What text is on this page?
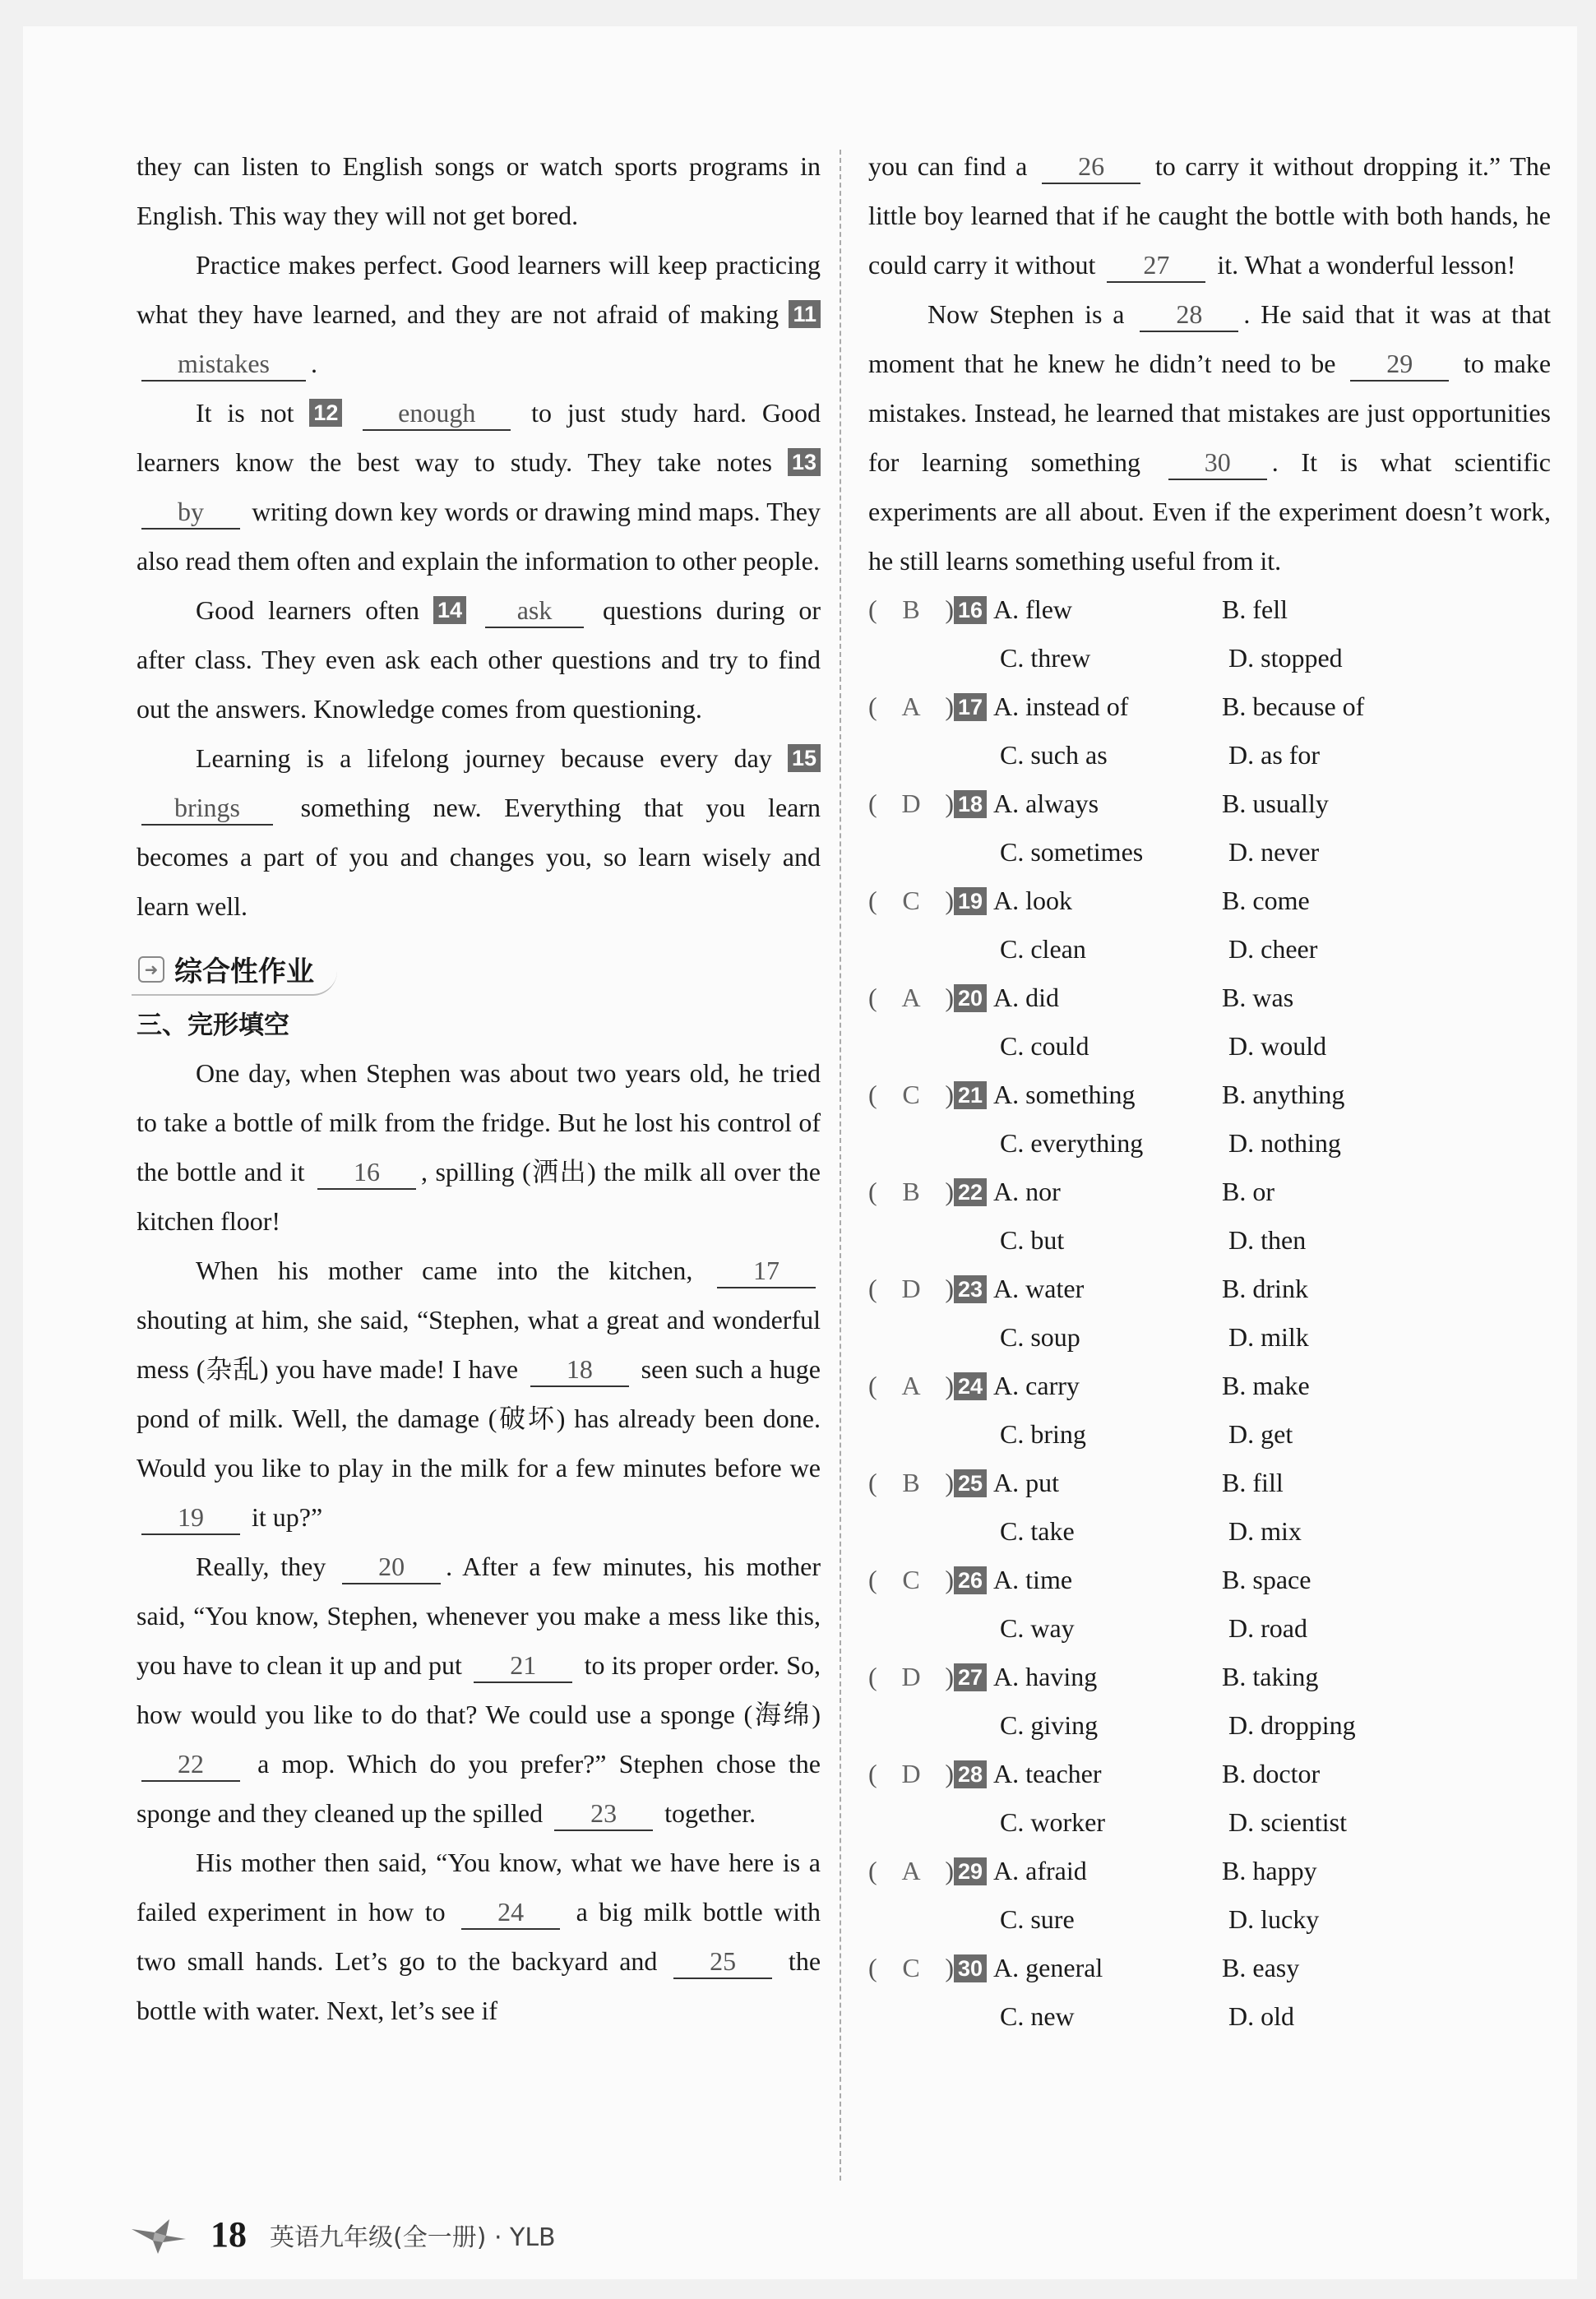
they can listen to English songs or watch sports programs in English. This way they will not get bored.

Practice makes perfect. Good learners will keep practicing what they have learned, and they are not afraid of making 11 mistakes .

It is not 12 enough to just study hard. Good learners know the best way to study. They take notes 13 by writing down key words or drawing mind maps. They also read them often and explain the information to other people.

Good learners often 14 ask questions during or after class. They even ask each other questions and try to find out the answers. Knowledge comes from questioning.

Learning is a lifelong journey because every day 15 brings something new. Everything that you learn becomes a part of you and changes you, so learn wisely and learn well.

➜ 综合性作业
三、完形填空

One day, when Stephen was about two years old, he tried to take a bottle of milk from the fridge. But he lost his control of the bottle and it 16 , spilling (洒出) the milk all over the kitchen floor!

When his mother came into the kitchen, 17 shouting at him, she said, “Stephen, what a great and wonderful mess (杂乱) you have made! I have 18 seen such a huge pond of milk. Well, the damage (破坏) has already been done. Would you like to play in the milk for a few minutes before we 19 it up?”

Really, they 20 . After a few minutes, his mother said, “You know, Stephen, whenever you make a mess like this, you have to clean it up and put 21 to its proper order. So, how would you like to do that? We could use a sponge (海绵) 22 a mop. Which do you prefer?” Stephen chose the sponge and they cleaned up the spilled 23 together.

His mother then said, “You know, what we have here is a failed experiment in how to 24 a big milk bottle with two small hands. Let’s go to the backyard and 25 the bottle with water. Next, let’s see if

you can find a 26 to carry it without dropping it.” The little boy learned that if he caught the bottle with both hands, he could carry it without 27 it. What a wonderful lesson!

Now Stephen is a 28 . He said that it was at that moment that he knew he didn’t need to be 29 to make mistakes. Instead, he learned that mistakes are just opportunities for learning something 30 . It is what scientific experiments are all about. Even if the experiment doesn’t work, he still learns something useful from it.

( B ) 16 A. flew	B. fell
C. threw	D. stopped
( A ) 17 A. instead of	B. because of
C. such as	D. as for
( D ) 18 A. always	B. usually
C. sometimes	D. never
( C ) 19 A. look	B. come
C. clean	D. cheer
( A ) 20 A. did	B. was
C. could	D. would
( C ) 21 A. something	B. anything
C. everything	D. nothing
( B ) 22 A. nor	B. or
C. but	D. then
( D ) 23 A. water	B. drink
C. soup	D. milk
( A ) 24 A. carry	B. make
C. bring	D. get
( B ) 25 A. put	B. fill
C. take	D. mix
( C ) 26 A. time	B. space
C. way	D. road
( D ) 27 A. having	B. taking
C. giving	D. dropping
( D ) 28 A. teacher	B. doctor
C. worker	D. scientist
( A ) 29 A. afraid	B. happy
C. sure	D. lucky
( C ) 30 A. general	B. easy
C. new	D. old
18 英语九年级(全一册) · YLB
